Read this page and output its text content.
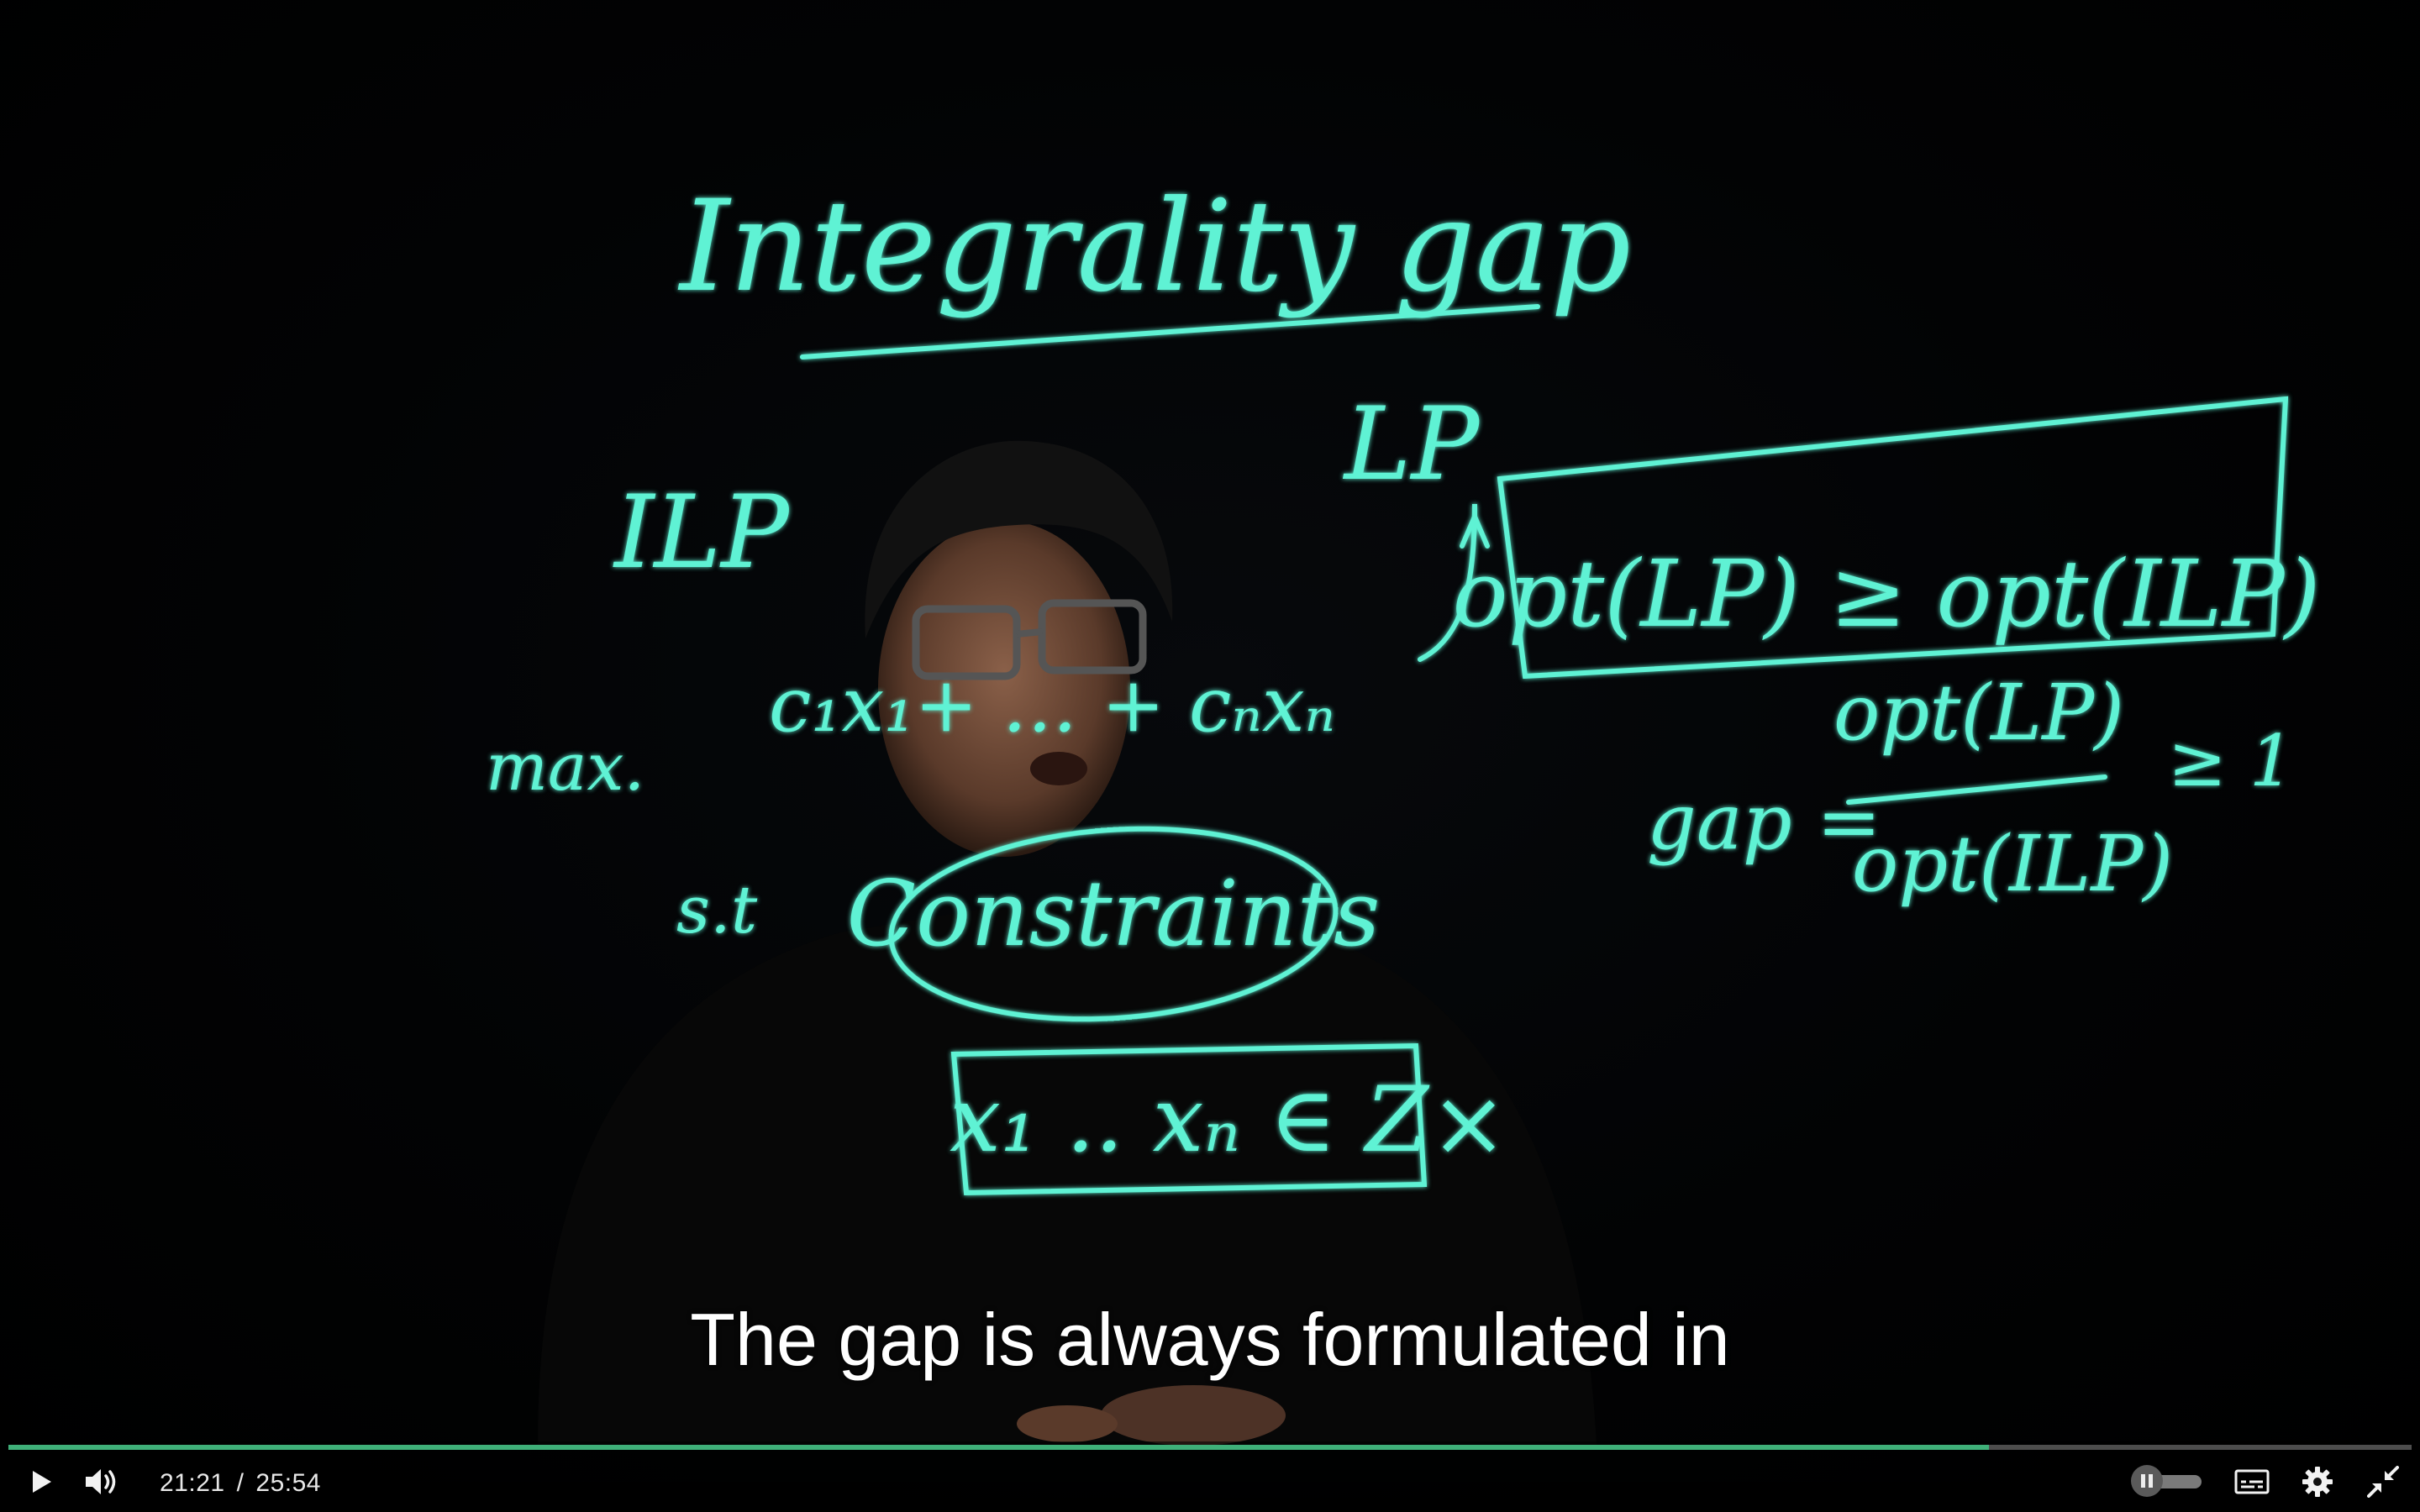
Integrality gap
ILP
LP
max.
c₁x₁+ … + cₙxₙ
s.t Constraints
x₁ .. xₙ ∈ Z ×
opt(LP) ≥ opt(ILP)
gap =
opt(LP)
opt(ILP)
≥ 1
The gap is always formulated in
21:21 / 25:54
